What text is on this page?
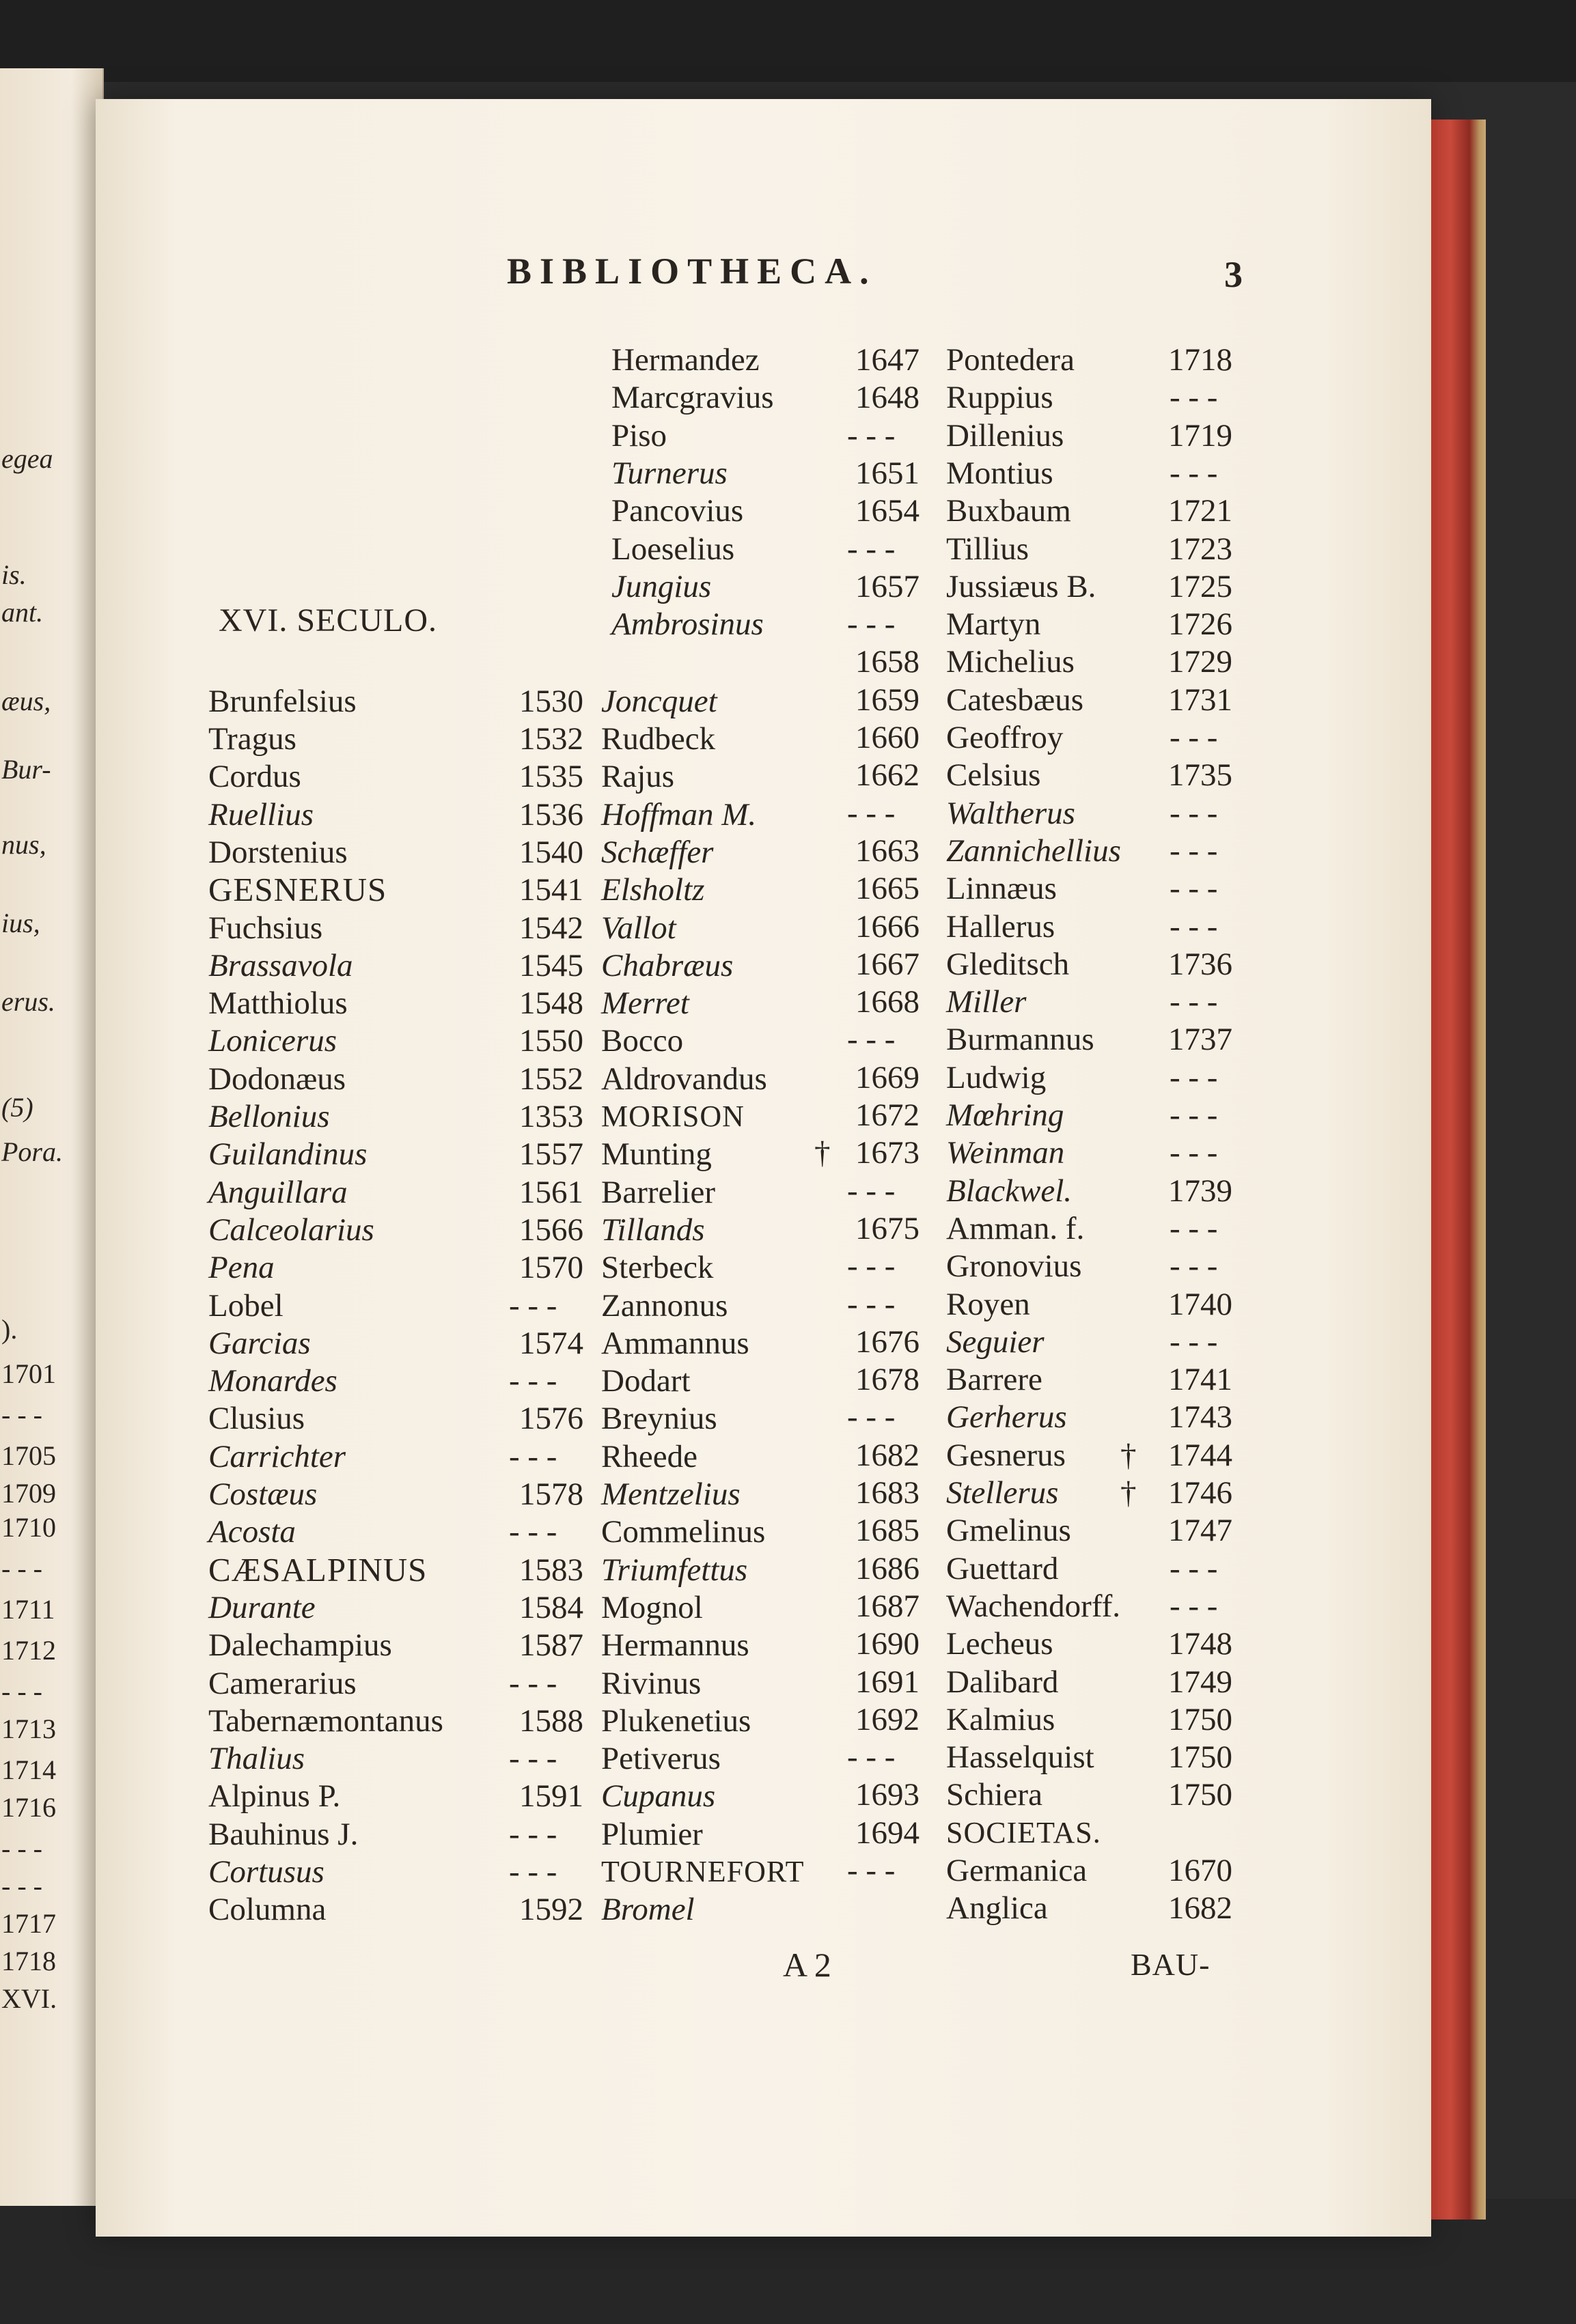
egea
is.
ant.
æus,
Bur-
nus,
ius,
erus.
(5)
Pora.
).
1701
- - -
1705
1709
1710
- - -
1711
1712
- - -
1713
1714
1716
- - -
- - -
1717
1718
XVI.
BIBLIOTHECA.	3
XVI. SECULO.
Brunfelsius
Tragus
Cordus
Ruellius
Dorstenius
GESNERUS
Fuchsius
Brassavola
Matthiolus
Lonicerus
Dodonæus
Bellonius
Guilandinus
Anguillara
Calceolarius
Pena
Lobel
Garcias
Monardes
Clusius
Carrichter
Costæus
Acosta
CÆSALPINUS
Durante
Dalechampius
Camerarius
Tabernæmontanus
Thalius
Alpinus P.
Bauhinus J.
Cortusus
Columna
Hermandez
Marcgravius
Piso
Turnerus
Pancovius
Loeselius
Jungius
Ambrosinus
1530
1532
1535
1536
1540
1541
1542
1545
1548
1550
1552
1353
1557
1561
1566
1570
- - -
1574
- - -
1576
- - -
1578
- - -
1583
1584
1587
- - -
1588
- - -
1591
- - -
- - -
1592
Joncquet
Rudbeck
Rajus
Hoffman M.
Schæffer
Elsholtz
Vallot
Chabræus
Merret
Bocco
Aldrovandus
MORISON
Munting
Barrelier
Tillands
Sterbeck
Zannonus
Ammannus
Dodart
Breynius
Rheede
Mentzelius
Commelinus
Triumfettus
Mognol
Hermannus
Rivinus
Plukenetius
Petiverus
Cupanus
Plumier
TOURNEFORT
Bromel
1647
1648
- - -
1651
1654
- - -
1657
- - -
1658
1659
1660
1662
- - -
1663
1665
1666
1667
1668
- - -
1669
1672
1673
- - -
1675
- - -
- - -
1676
1678
- - -
1682
1683
1685
1686
1687
1690
1691
1692
- - -
1693
1694
- - -
Pontedera
Ruppius
Dillenius
Montius
Buxbaum
Tillius
Jussiæus B.
Martyn
Michelius
Catesbæus
Geoffroy
Celsius
Waltherus
Zannichellius
Linnæus
Hallerus
Gleditsch
Miller
Burmannus
Ludwig
Mœhring
Weinman
Blackwel.
Amman. f.
Gronovius
Royen
Seguier
Barrere
Gerherus
Gesnerus
Stellerus
Gmelinus
Guettard
Wachendorff.
Lecheus
Dalibard
Kalmius
Hasselquist
Schiera
SOCIETAS.
Germanica
Anglica
1718
- - -
1719
- - -
1721
1723
1725
1726
1729
1731
- - -
1735
- - -
- - -
- - -
- - -
1736
- - -
1737
- - -
- - -
- - -
1739
- - -
- - -
1740
- - -
1741
1743
1744
1746
1747
- - -
- - -
1748
1749
1750
1750
1750
1670
1682
†
†
†
A 2	BAU-
